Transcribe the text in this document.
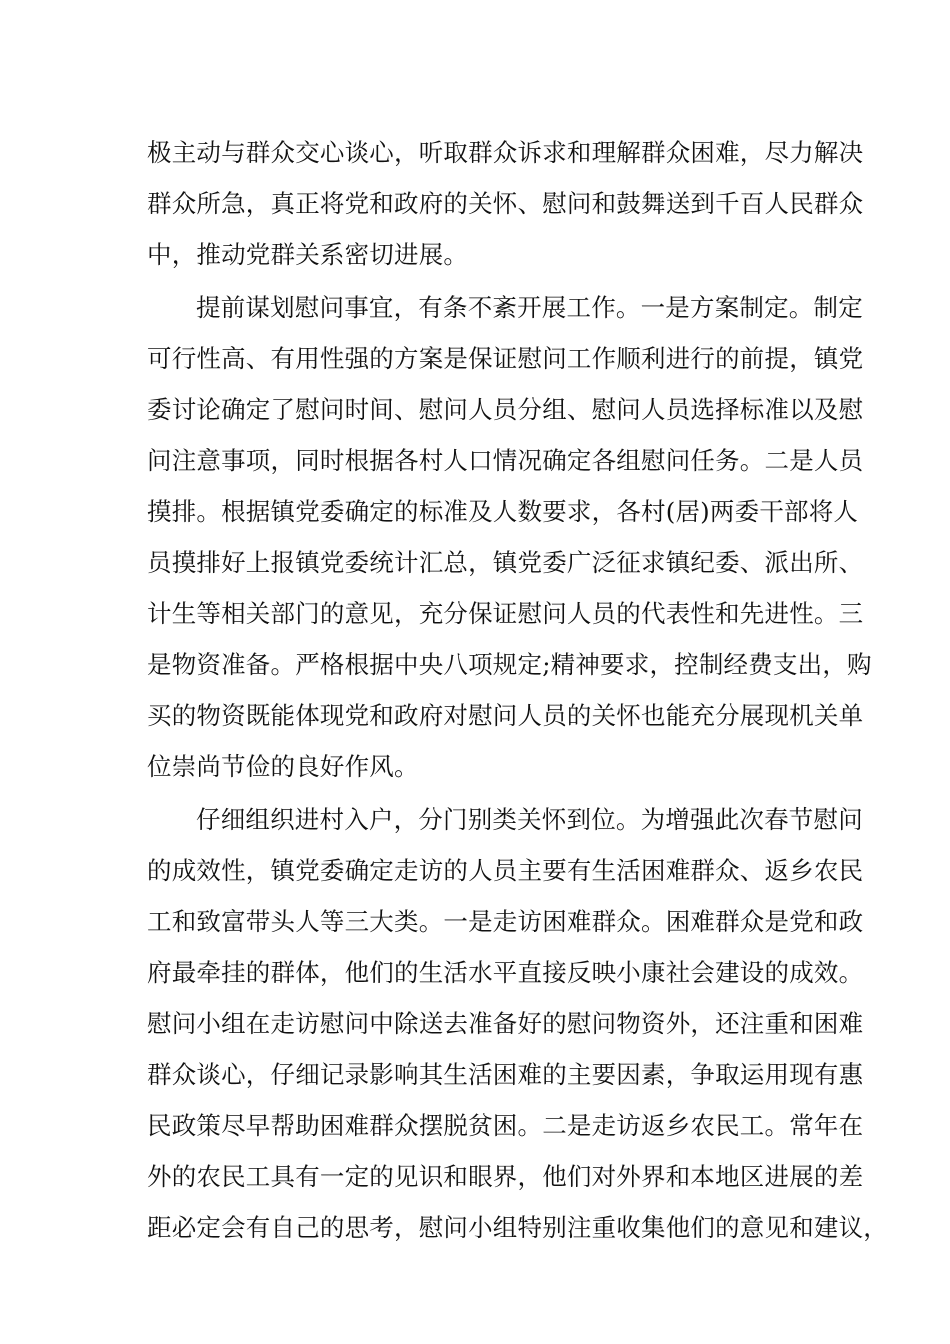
极主动与群众交心谈心，听取群众诉求和理解群众困难，尽力解决
群众所急，真正将党和政府的关怀、慰问和鼓舞送到千百人民群众
中，推动党群关系密切进展。
提前谋划慰问事宜，有条不紊开展工作。一是方案制定。制定
可行性高、有用性强的方案是保证慰问工作顺利进行的前提，镇党
委讨论确定了慰问时间、慰问人员分组、慰问人员选择标准以及慰
问注意事项，同时根据各村人口情况确定各组慰问任务。二是人员
摸排。根据镇党委确定的标准及人数要求，各村(居)两委干部将人
员摸排好上报镇党委统计汇总，镇党委广泛征求镇纪委、派出所、
计生等相关部门的意见，充分保证慰问人员的代表性和先进性。三
是物资准备。严格根据中央八项规定;精神要求，控制经费支出，购
买的物资既能体现党和政府对慰问人员的关怀也能充分展现机关单
位崇尚节俭的良好作风。
仔细组织进村入户，分门别类关怀到位。为增强此次春节慰问
的成效性，镇党委确定走访的人员主要有生活困难群众、返乡农民
工和致富带头人等三大类。一是走访困难群众。困难群众是党和政
府最牵挂的群体，他们的生活水平直接反映小康社会建设的成效。
慰问小组在走访慰问中除送去准备好的慰问物资外，还注重和困难
群众谈心，仔细记录影响其生活困难的主要因素，争取运用现有惠
民政策尽早帮助困难群众摆脱贫困。二是走访返乡农民工。常年在
外的农民工具有一定的见识和眼界，他们对外界和本地区进展的差
距必定会有自己的思考，慰问小组特别注重收集他们的意见和建议，
